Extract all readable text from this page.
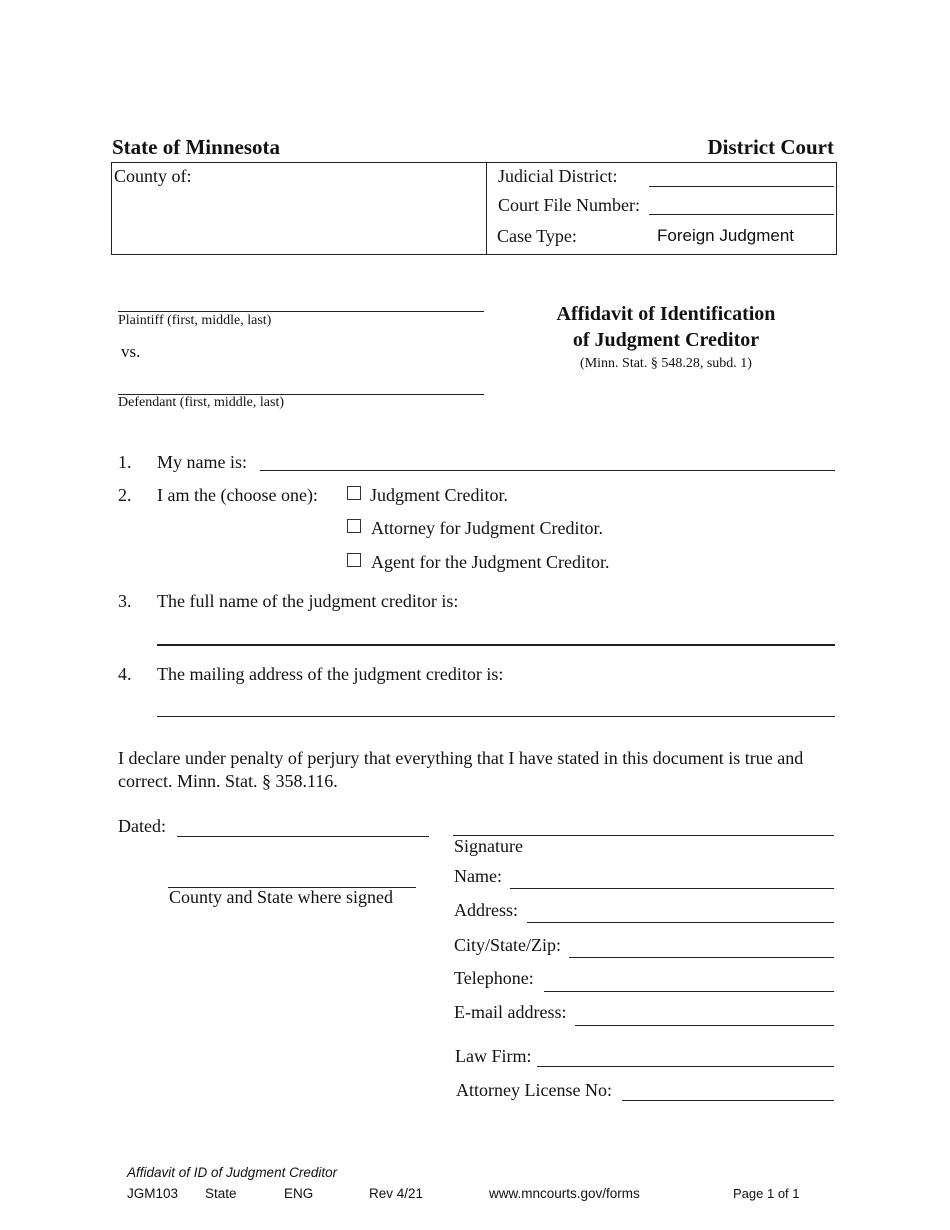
State of Minnesota	District Court
County of:	Judicial District:
Court File Number:
Case Type:	Foreign Judgment
Plaintiff (first, middle, last)
vs.
Defendant (first, middle, last)
Affidavit of Identification
of Judgment Creditor
(Minn. Stat. § 548.28, subd. 1)
1. My name is:
2. I am the (choose one):	Judgment Creditor.
Attorney for Judgment Creditor.
Agent for the Judgment Creditor.
3. The full name of the judgment creditor is:
4. The mailing address of the judgment creditor is:
I declare under penalty of perjury that everything that I have stated in this document is true and
correct. Minn. Stat. § 358.116.
Dated:
County and State where signed
Signature
Name:
Address:
City/State/Zip:
Telephone:
E-mail address:
Law Firm:
Attorney License No:
Affidavit of ID of Judgment Creditor
JGM103 State	ENG	Rev 4/21	www.mncourts.gov/forms	Page 1 of 1
